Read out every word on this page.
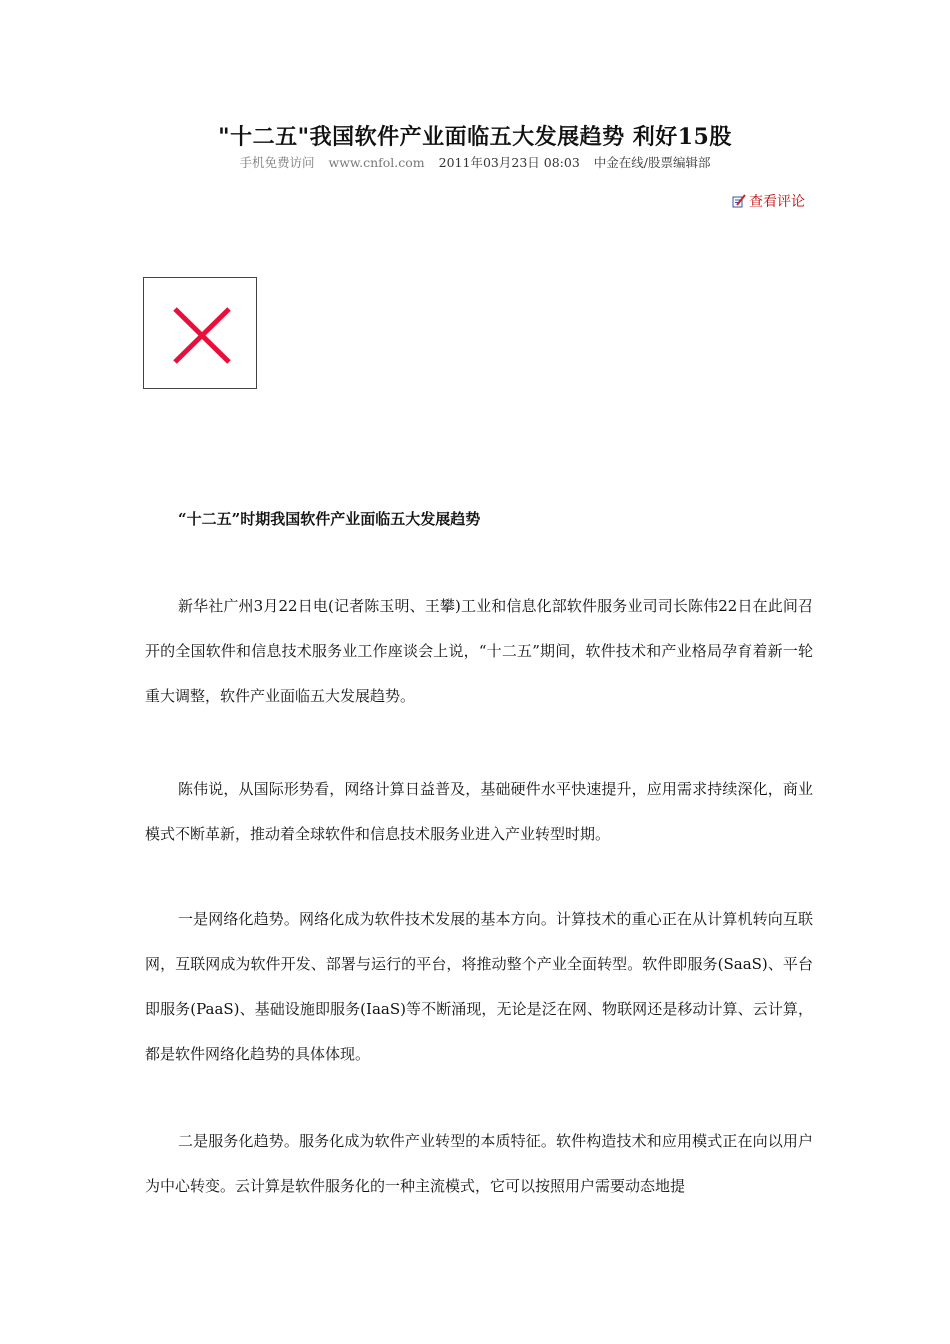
"十二五"我国软件产业面临五大发展趋势 利好15股
手机免费访问 www.cnfol.com 2011年03月23日 08:03 中金在线/股票编辑部
查看评论
“十二五”时期我国软件产业面临五大发展趋势

新华社广州3月22日电(记者陈玉明、王攀)工业和信息化部软件服务业司司长陈伟22日在此间召开的全国软件和信息技术服务业工作座谈会上说，“十二五”期间，软件技术和产业格局孕育着新一轮重大调整，软件产业面临五大发展趋势。

陈伟说，从国际形势看，网络计算日益普及，基础硬件水平快速提升，应用需求持续深化，商业模式不断革新，推动着全球软件和信息技术服务业进入产业转型时期。

一是网络化趋势。网络化成为软件技术发展的基本方向。计算技术的重心正在从计算机转向互联网，互联网成为软件开发、部署与运行的平台，将推动整个产业全面转型。软件即服务(SaaS)、平台即服务(PaaS)、基础设施即服务(IaaS)等不断涌现，无论是泛在网、物联网还是移动计算、云计算，都是软件网络化趋势的具体体现。

二是服务化趋势。服务化成为软件产业转型的本质特征。软件构造技术和应用模式正在向以用户为中心转变。云计算是软件服务化的一种主流模式，它可以按照用户需要动态地提
